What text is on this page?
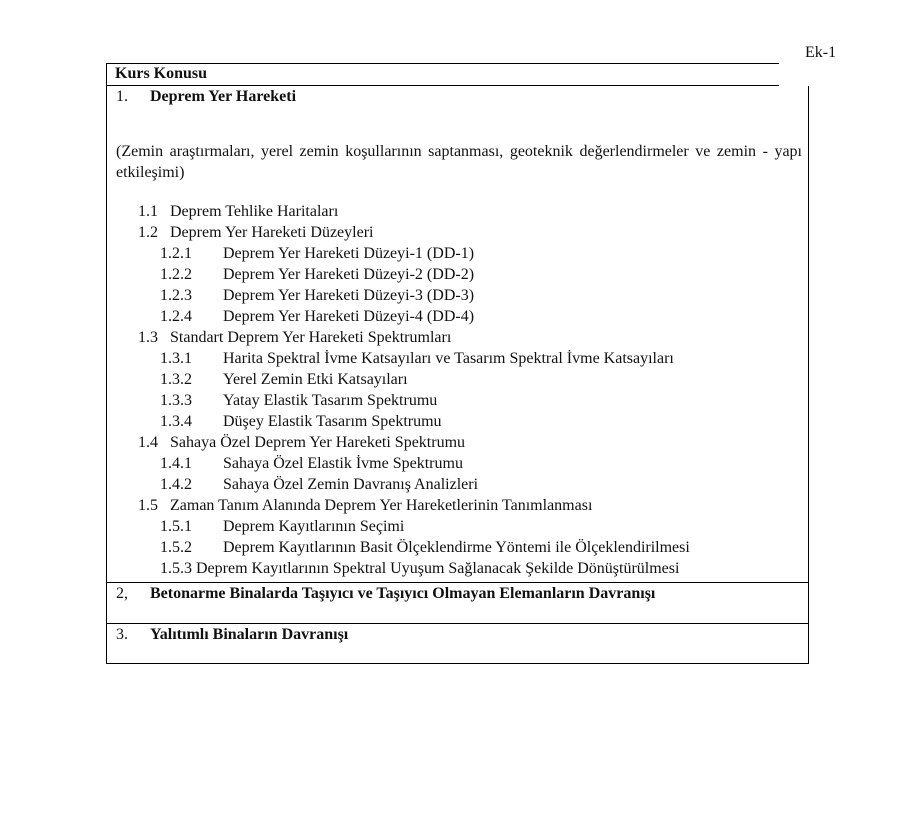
Ek-1
Kurs Konusu
1. Deprem Yer Hareketi
(Zemin araştırmaları, yerel zemin koşullarının saptanması, geoteknik değerlendirmeler ve zemin - yapı etkileşimi)
1.1 Deprem Tehlike Haritaları
1.2 Deprem Yer Hareketi Düzeyleri
1.2.1 Deprem Yer Hareketi Düzeyi-1 (DD-1)
1.2.2 Deprem Yer Hareketi Düzeyi-2 (DD-2)
1.2.3 Deprem Yer Hareketi Düzeyi-3 (DD-3)
1.2.4 Deprem Yer Hareketi Düzeyi-4 (DD-4)
1.3 Standart Deprem Yer Hareketi Spektrumları
1.3.1 Harita Spektral İvme Katsayıları ve Tasarım Spektral İvme Katsayıları
1.3.2 Yerel Zemin Etki Katsayıları
1.3.3 Yatay Elastik Tasarım Spektrumu
1.3.4 Düşey Elastik Tasarım Spektrumu
1.4 Sahaya Özel Deprem Yer Hareketi Spektrumu
1.4.1 Sahaya Özel Elastik İvme Spektrumu
1.4.2 Sahaya Özel Zemin Davranış Analizleri
1.5 Zaman Tanım Alanında Deprem Yer Hareketlerinin Tanımlanması
1.5.1 Deprem Kayıtlarının Seçimi
1.5.2 Deprem Kayıtlarının Basit Ölçeklendirme Yöntemi ile Ölçeklendirilmesi
1.5.3 Deprem Kayıtlarının Spektral Uyuşum Sağlanacak Şekilde Dönüştürülmesi
2, Betonarme Binalarda Taşıyıcı ve Taşıyıcı Olmayan Elemanların Davranışı
3. Yalıtımlı Binaların Davranışı
